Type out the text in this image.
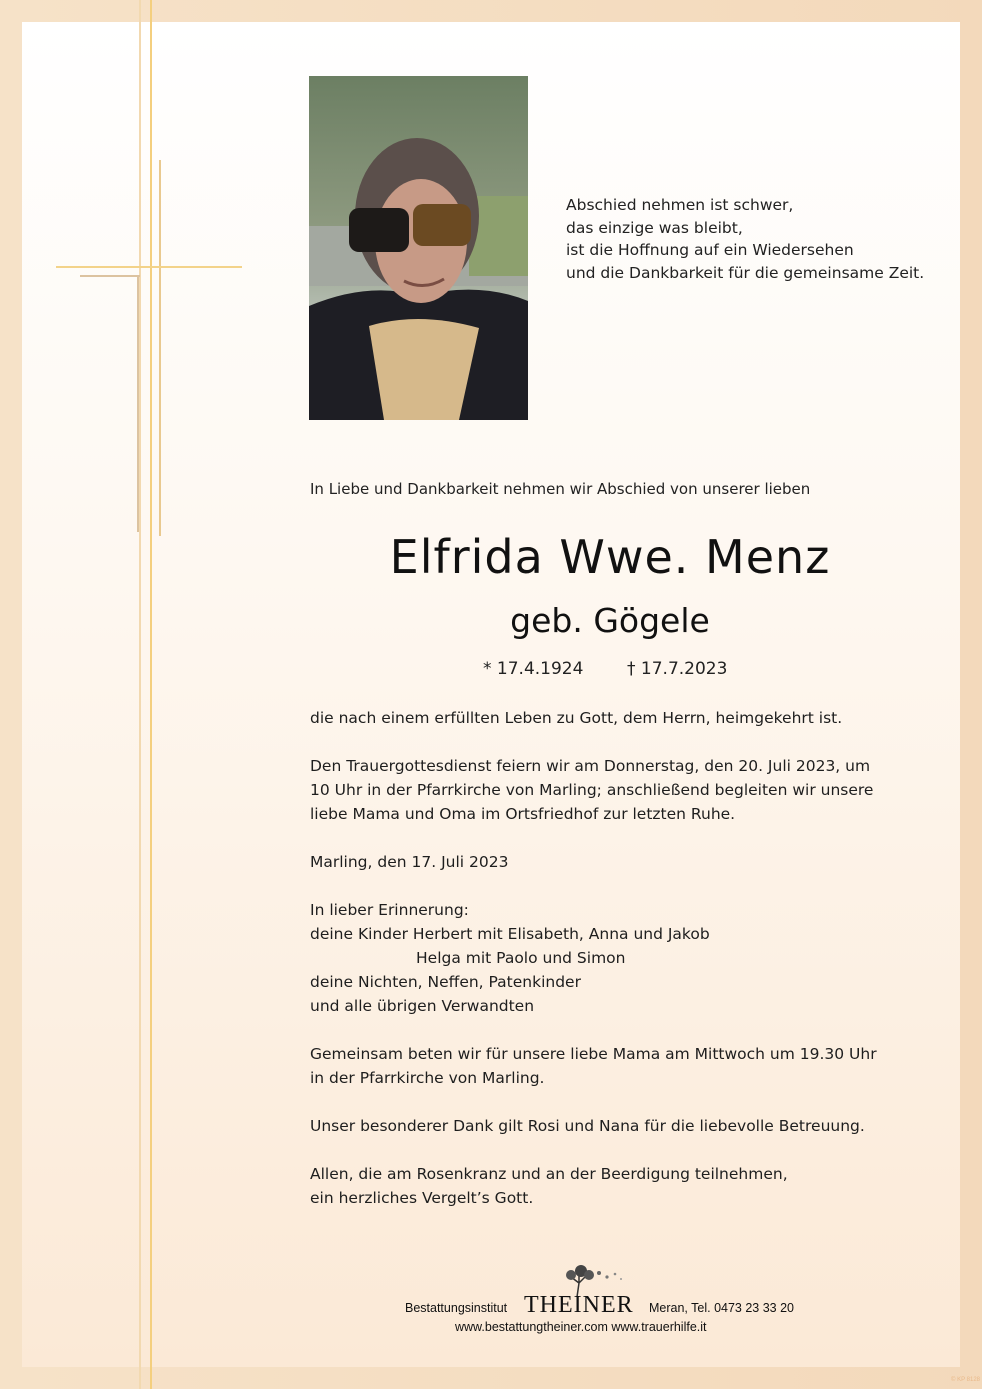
Abschied nehmen ist schwer,
das einzige was bleibt,
ist die Hoffnung auf ein Wiedersehen
und die Dankbarkeit für die gemeinsame Zeit.
In Liebe und Dankbarkeit nehmen wir Abschied von unserer lieben
Elfrida Wwe. Menz
geb. Gögele
* 17.4.1924	† 17.7.2023

die nach einem erfüllten Leben zu Gott, dem Herrn, heimgekehrt ist.

Den Trauergottesdienst feiern wir am Donnerstag, den 20. Juli 2023, um
10 Uhr in der Pfarrkirche von Marling; anschließend begleiten wir unsere
liebe Mama und Oma im Ortsfriedhof zur letzten Ruhe.

Marling, den 17. Juli 2023

In lieber Erinnerung:
deine Kinder Herbert mit Elisabeth, Anna und Jakob
Helga mit Paolo und Simon
deine Nichten, Neffen, Patenkinder
und alle übrigen Verwandten

Gemeinsam beten wir für unsere liebe Mama am Mittwoch um 19.30 Uhr
in der Pfarrkirche von Marling.

Unser besonderer Dank gilt Rosi und Nana für die liebevolle Betreuung.

Allen, die am Rosenkranz und an der Beerdigung teilnehmen,
ein herzliches Vergelt’s Gott.

Bestattungsinstitut THEINER Meran, Tel. 0473 23 33 20
www.bestattungtheiner.com www.trauerhilfe.it
© KP 8128
